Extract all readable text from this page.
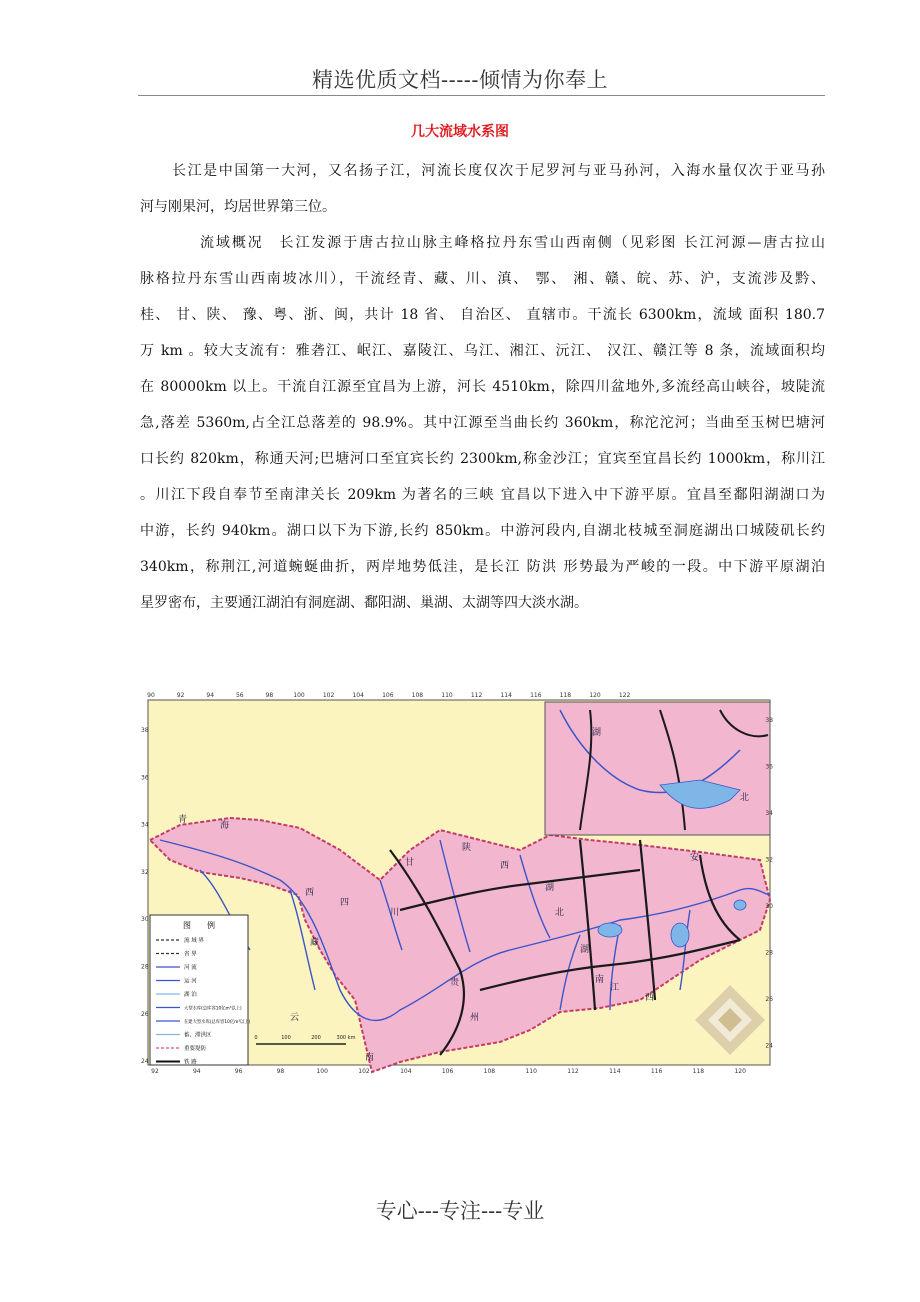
精选优质文档-----倾情为你奉上
几大流域水系图
长江是中国第一大河，又名扬子江，河流长度仅次于尼罗河与亚马孙河，入海水量仅次于亚马孙
河与刚果河，均居世界第三位。
流域概况　长江发源于唐古拉山脉主峰格拉丹东雪山西南侧（见彩图 长江河源—唐古拉山
脉格拉丹东雪山西南坡冰川），干流经青、藏、川、滇、 鄂、 湘、赣、皖、苏、沪，支流涉及黔、
桂、 甘、陕、 豫、粤、浙、闽，共计 18 省、 自治区、 直辖市。干流长 6300km，流域 面积 180.7
万 km 。较大支流有：雅砻江、岷江、嘉陵江、乌江、湘江、沅江、 汉江、赣江等 8 条，流域面积均
在 80000km 以上。干流自江源至宜昌为上游，河长 4510km，除四川盆地外,多流经高山峡谷，坡陡流
急,落差 5360m,占全江总落差的 98.9%。其中江源至当曲长约 360km，称沱沱河；当曲至玉树巴塘河
口长约 820km，称通天河;巴塘河口至宜宾长约 2300km,称金沙江；宜宾至宜昌长约 1000km，称川江
。川江下段自奉节至南津关长 209km 为著名的三峡 宜昌以下进入中下游平原。宜昌至鄱阳湖湖口为
中游，长约 940km。湖口以下为下游,长约 850km。中游河段内,自湖北枝城至洞庭湖出口城陵矶长约
340km，称荆江,河道蜿蜒曲折，两岸地势低洼，是长江 防洪 形势最为严峻的一段。中下游平原湖泊
星罗密布，主要通江湖泊有洞庭湖、鄱阳湖、巢湖、太湖等四大淡水湖。
90	92	94	56	98	100	102	104	106	108	110	112	114	116	118	120	122
92	94	96	98	100	102	104	106	108	110	112	114	116	118	120
38
36
34
32
30
28
26
24
38
36
34
32
30
28
26
24
青
海
西
藏
甘
陕
西
四
川
湖
北
湖
南
贵
州
江
西
安
云
南
湖
北
图　　例
流 域 界
省 界
河 流
运 河
湖 泊
大型水库(总库容10亿m³以上)
在建大型水库(总库容10亿m³以上)
蓄、滞洪区
重要堤防
铁 路
0	100	200	300 km
专心---专注---专业
